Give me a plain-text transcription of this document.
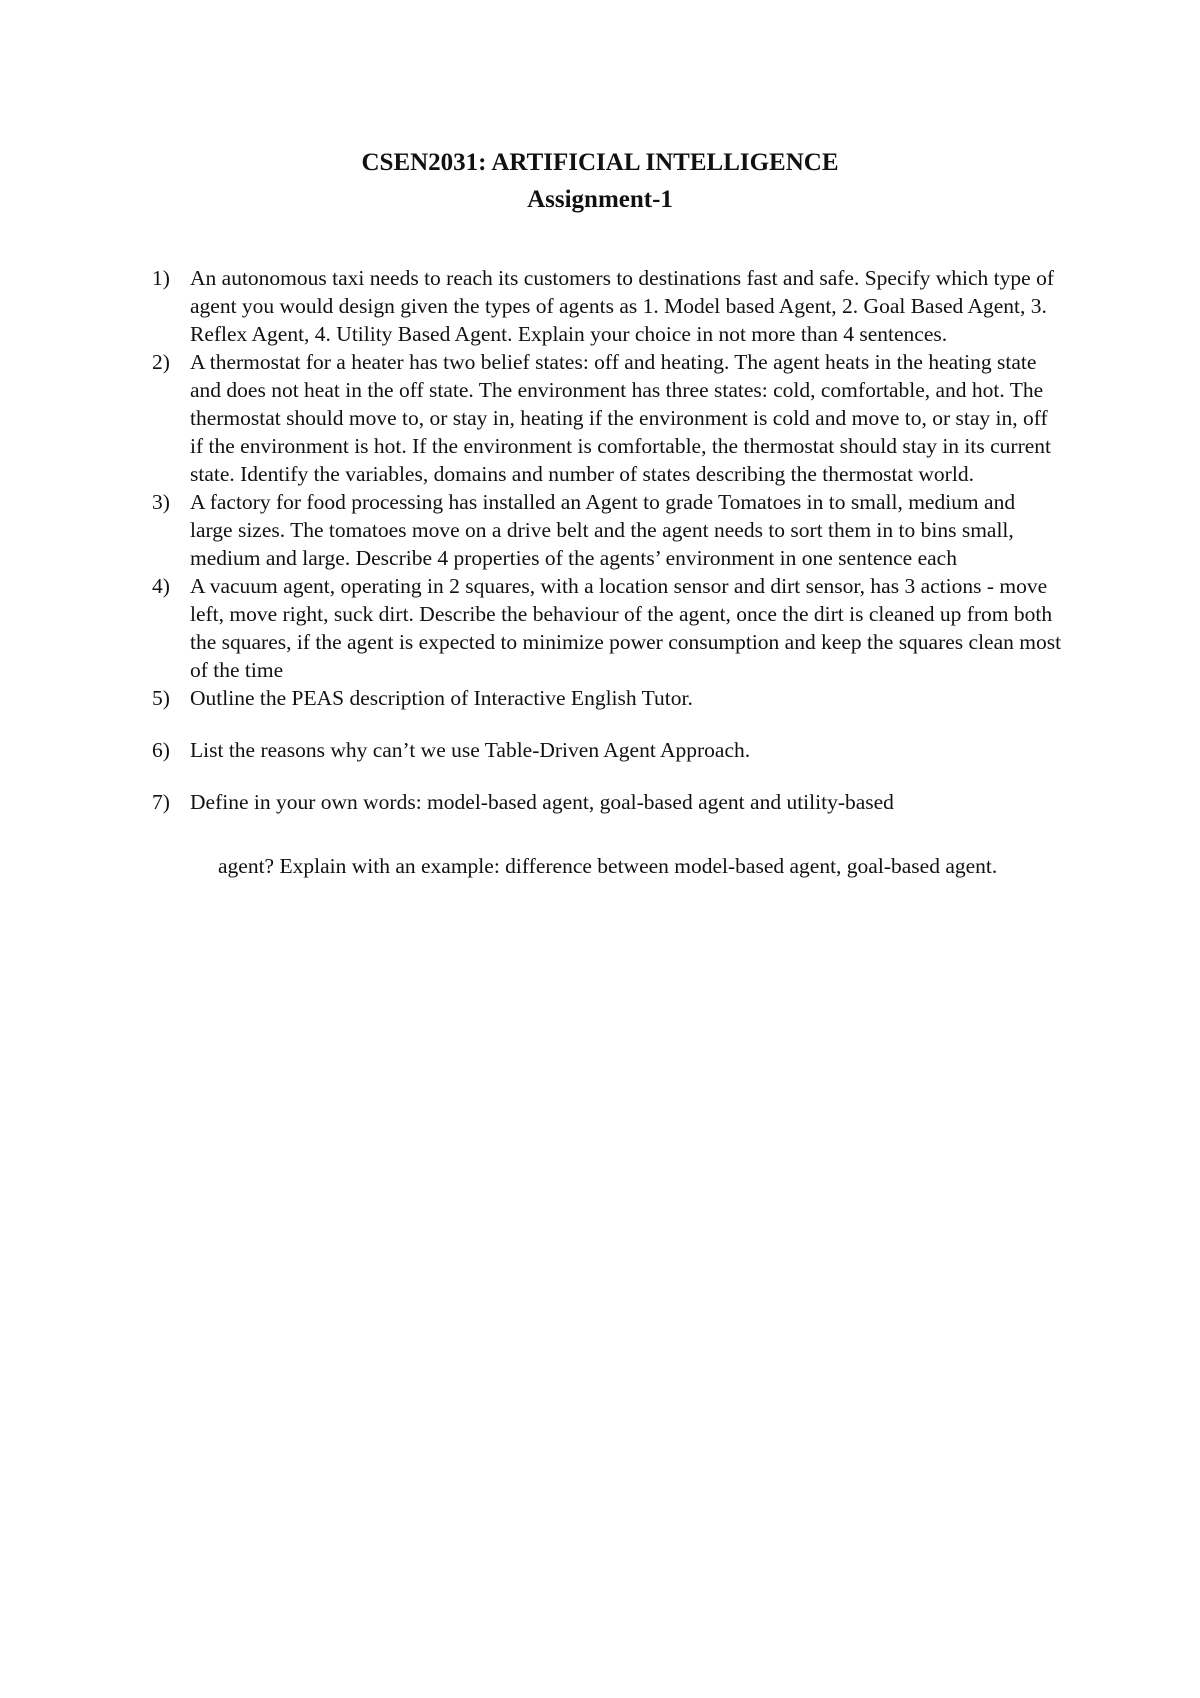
CSEN2031: ARTIFICIAL INTELLIGENCE
Assignment-1
1) An autonomous taxi needs to reach its customers to destinations fast and safe. Specify which type of agent you would design given the types of agents as 1. Model based Agent, 2. Goal Based Agent, 3. Reflex Agent, 4. Utility Based Agent. Explain your choice in not more than 4 sentences.
2) A thermostat for a heater has two belief states: off and heating. The agent heats in the heating state and does not heat in the off state. The environment has three states: cold, comfortable, and hot. The thermostat should move to, or stay in, heating if the environment is cold and move to, or stay in, off if the environment is hot. If the environment is comfortable, the thermostat should stay in its current state. Identify the variables, domains and number of states describing the thermostat world.
3) A factory for food processing has installed an Agent to grade Tomatoes in to small, medium and large sizes. The tomatoes move on a drive belt and the agent needs to sort them in to bins small, medium and large. Describe 4 properties of the agents’ environment in one sentence each
4) A vacuum agent, operating in 2 squares, with a location sensor and dirt sensor, has 3 actions - move left, move right, suck dirt. Describe the behaviour of the agent, once the dirt is cleaned up from both the squares, if the agent is expected to minimize power consumption and keep the squares clean most of the time
5) Outline the PEAS description of Interactive English Tutor.
6) List the reasons why can’t we use Table-Driven Agent Approach.
7) Define in your own words: model-based agent, goal-based agent and utility-based
agent? Explain with an example: difference between model-based agent, goal-based agent.
